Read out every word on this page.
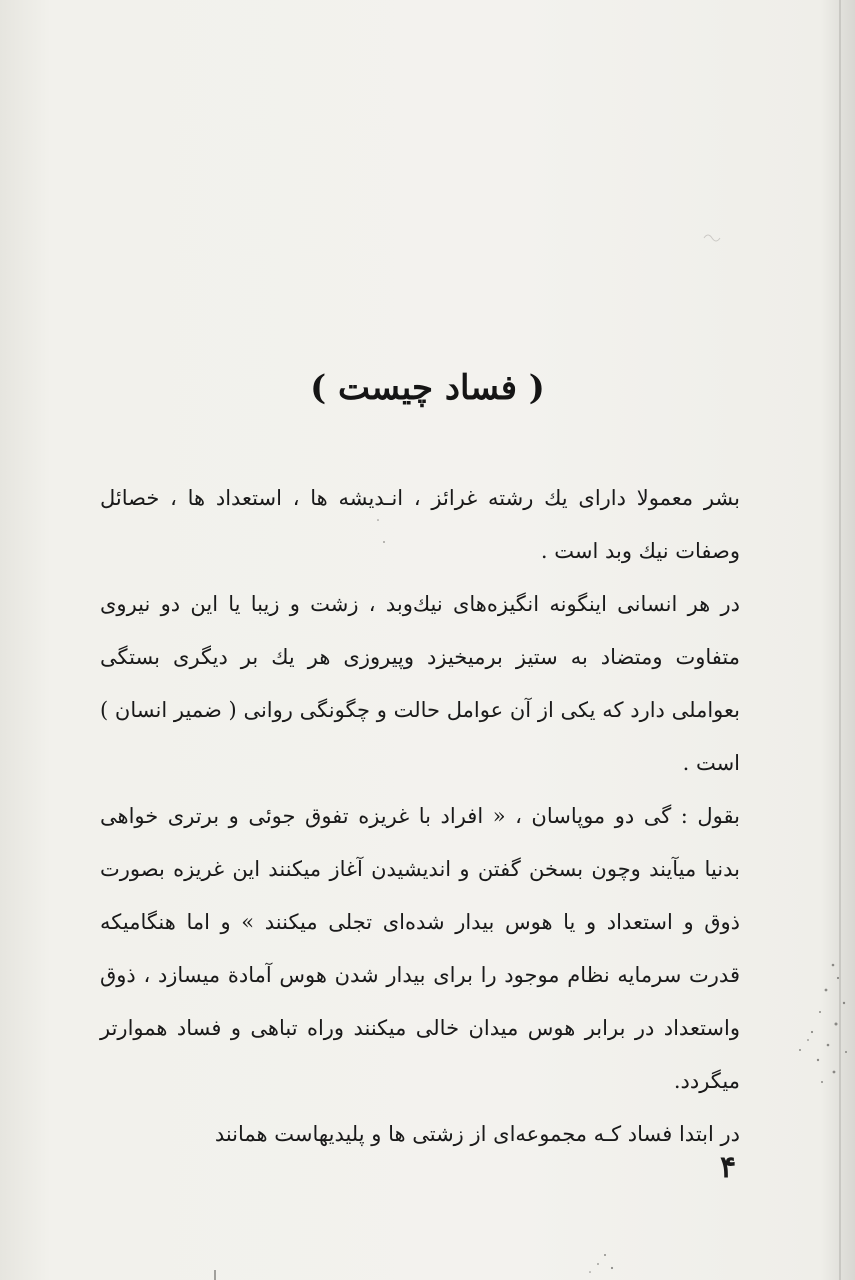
( فساد چیست )

بشر معمولا دارای یك رشته غرائز ، انـدیشه ها ، استعداد ها ، خصائل وصفات نیك وبد است .

در هر انسانی اینگونه انگیزه‌های نیك‌وبد ، زشت و زیبا یا این دو نیروی متفاوت ومتضاد به ستیز برمیخیزد وپیروزی هر یك بر دیگری بستگی بعواملی دارد که یکی از آن عوامل حالت و چگونگی روانی ( ضمیر انسان ) است .

بقول : گی دو موپاسان ، « افراد با غریزه تفوق جوئی و برتری خواهی بدنیا میآیند وچون بسخن گفتن و اندیشیدن آغاز میکنند این غریزه بصورت ذوق و استعداد و یا هوس بیدار شده‌ای تجلی میکنند » و اما هنگامیکه قدرت سرمایه نظام موجود را برای بیدار شدن هوس آمادة میسازد ، ذوق واستعداد در برابر هوس میدان خالی میکنند وراه تباهی و فساد هموارتر میگردد.

در ابتدا فساد کـه مجموعه‌ای از زشتی ها و پلیدیهاست همانند

۴
